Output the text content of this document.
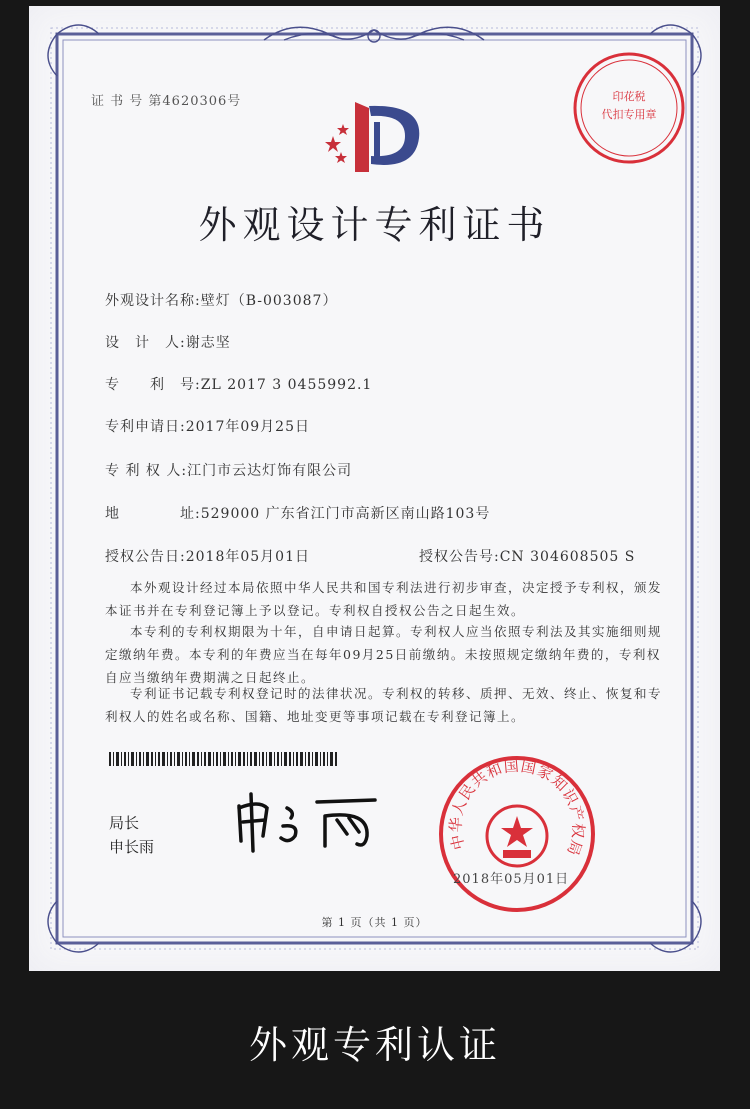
证 书 号 第4620306号	印花税
代扣专用章
外观设计专利证书
外观设计名称:壁灯（B-003087）
设　计　人:谢志坚
专　　利　号:ZL 2017 3 0455992.1
专利申请日:2017年09月25日
专 利 权 人:江门市云达灯饰有限公司
地　　　　址:529000 广东省江门市高新区南山路103号
授权公告日:2018年05月01日	授权公告号:CN 304608505 S
本外观设计经过本局依照中华人民共和国专利法进行初步审查，决定授予专利权，颁发本证书并在专利登记簿上予以登记。专利权自授权公告之日起生效。
本专利的专利权期限为十年，自申请日起算。专利权人应当依照专利法及其实施细则规定缴纳年费。本专利的年费应当在每年09月25日前缴纳。未按照规定缴纳年费的，专利权自应当缴纳年费期满之日起终止。
专利证书记载专利权登记时的法律状况。专利权的转移、质押、无效、终止、恢复和专利权人的姓名或名称、国籍、地址变更等事项记载在专利登记簿上。
局长
申长雨	中华人民共和国国家知识产权局
2018年05月01日
第 1 页（共 1 页）
外观专利认证
